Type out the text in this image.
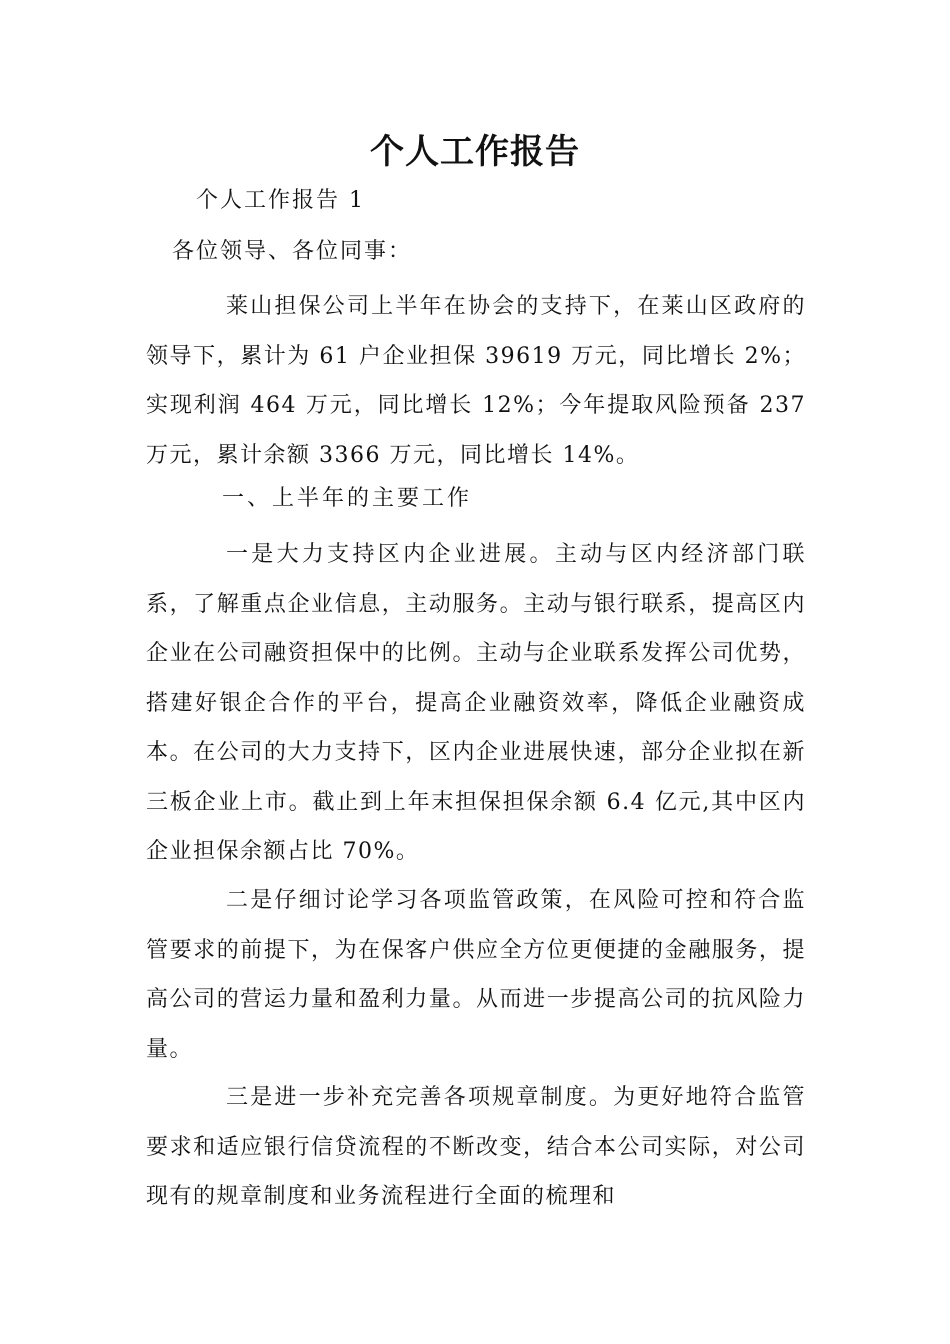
个人工作报告
个人工作报告 1
各位领导、各位同事：

莱山担保公司上半年在协会的支持下，在莱山区政府的领导下，累计为 61 户企业担保 39619 万元，同比增长 2%；实现利润 464 万元，同比增长 12%；今年提取风险预备 237 万元，累计余额 3366 万元，同比增长 14%。

一、上半年的主要工作

一是大力支持区内企业进展。主动与区内经济部门联系，了解重点企业信息，主动服务。主动与银行联系，提高区内企业在公司融资担保中的比例。主动与企业联系发挥公司优势，搭建好银企合作的平台，提高企业融资效率，降低企业融资成本。在公司的大力支持下，区内企业进展快速，部分企业拟在新三板企业上市。截止到上年末担保担保余额 6.4 亿元,其中区内企业担保余额占比 70%。

二是仔细讨论学习各项监管政策，在风险可控和符合监管要求的前提下，为在保客户供应全方位更便捷的金融服务，提高公司的营运力量和盈利力量。从而进一步提高公司的抗风险力量。

三是进一步补充完善各项规章制度。为更好地符合监管要求和适应银行信贷流程的不断改变，结合本公司实际，对公司现有的规章制度和业务流程进行全面的梳理和
